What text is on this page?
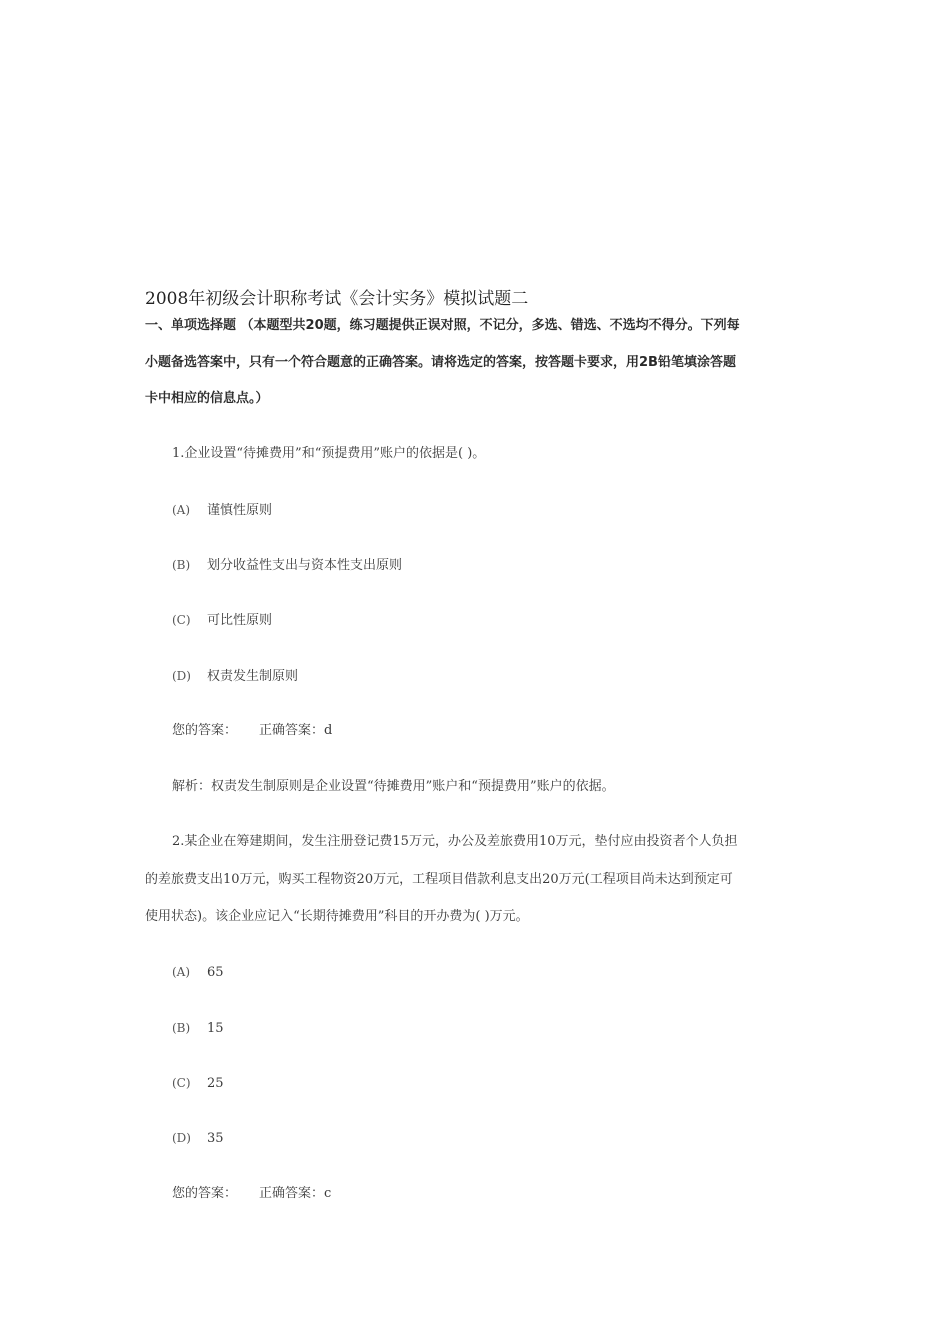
2008年初级会计职称考试《会计实务》模拟试题二
一、单项选择题 （本题型共20题，练习题提供正误对照，不记分，多选、错选、不选均不得分。下列每
小题备选答案中，只有一个符合题意的正确答案。请将选定的答案，按答题卡要求，用2B铅笔填涂答题
卡中相应的信息点。）
1.企业设置“待摊费用”和“预提费用”账户的依据是( )。
(A) 谨慎性原则
(B) 划分收益性支出与资本性支出原则
(C) 可比性原则
(D) 权责发生制原则
您的答案： 正确答案：d
解析：权责发生制原则是企业设置“待摊费用”账户和“预提费用”账户的依据。
2.某企业在筹建期间，发生注册登记费15万元，办公及差旅费用10万元，垫付应由投资者个人负担
的差旅费支出10万元，购买工程物资20万元，工程项目借款利息支出20万元(工程项目尚未达到预定可
使用状态)。该企业应记入“长期待摊费用”科目的开办费为( )万元。
(A) 65
(B) 15
(C) 25
(D) 35
您的答案： 正确答案：c
